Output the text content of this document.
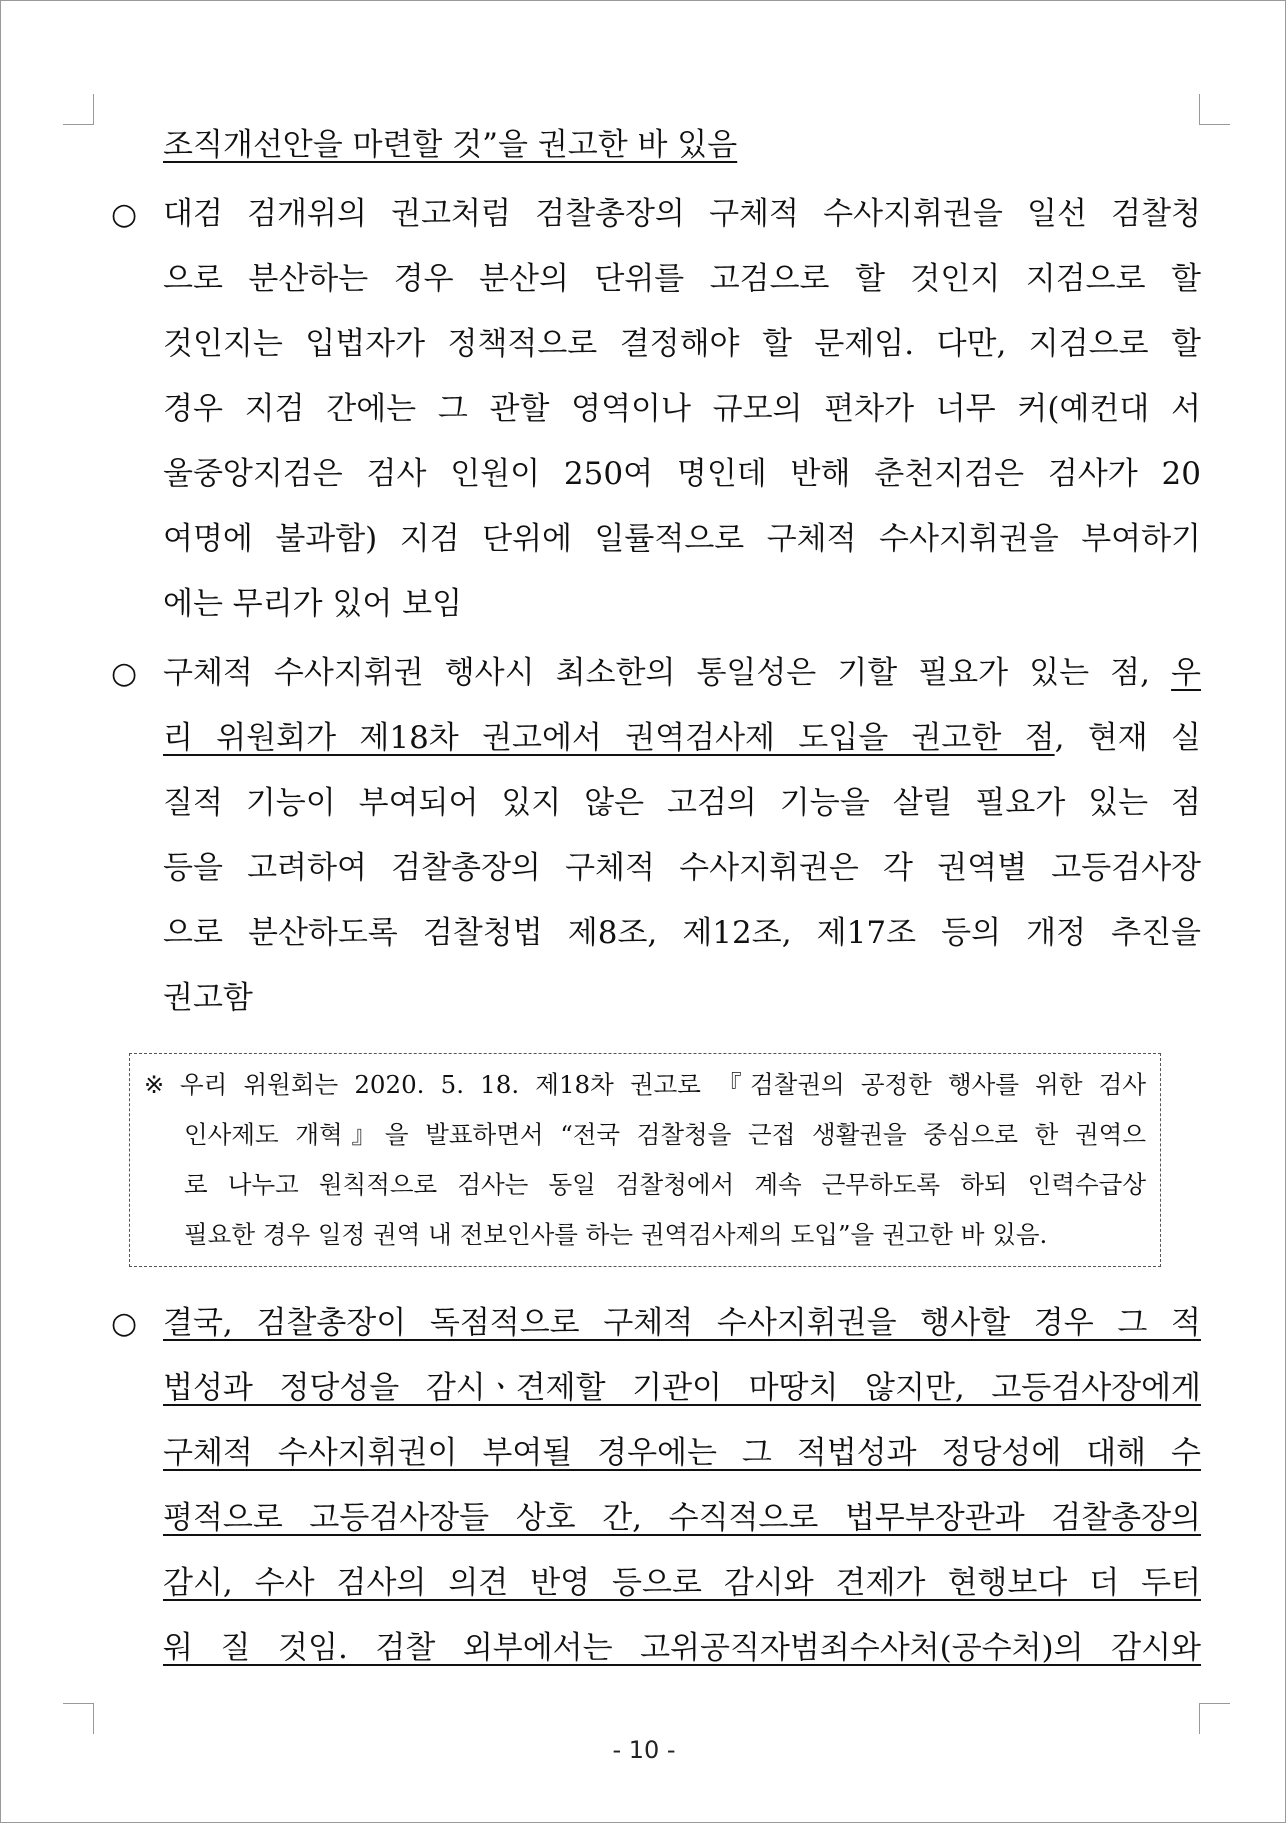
조직개선안을 마련할 것”을 권고한 바 있음
○ 대검 검개위의 권고처럼 검찰총장의 구체적 수사지휘권을 일선 검찰청
으로 분산하는 경우 분산의 단위를 고검으로 할 것인지 지검으로 할
것인지는 입법자가 정책적으로 결정해야 할 문제임. 다만, 지검으로 할
경우 지검 간에는 그 관할 영역이나 규모의 편차가 너무 커(예컨대 서
울중앙지검은 검사 인원이 250여 명인데 반해 춘천지검은 검사가 20
여명에 불과함) 지검 단위에 일률적으로 구체적 수사지휘권을 부여하기
에는 무리가 있어 보임
○ 구체적 수사지휘권 행사시 최소한의 통일성은 기할 필요가 있는 점, 우
리 위원회가 제18차 권고에서 권역검사제 도입을 권고한 점, 현재 실
질적 기능이 부여되어 있지 않은 고검의 기능을 살릴 필요가 있는 점
등을 고려하여 검찰총장의 구체적 수사지휘권은 각 권역별 고등검사장
으로 분산하도록 검찰청법 제8조, 제12조, 제17조 등의 개정 추진을
권고함
※ 우리 위원회는 2020. 5. 18. 제18차 권고로 『검찰권의 공정한 행사를 위한 검사
인사제도 개혁』을 발표하면서 “전국 검찰청을 근접 생활권을 중심으로 한 권역으
로 나누고 원칙적으로 검사는 동일 검찰청에서 계속 근무하도록 하되 인력수급상
필요한 경우 일정 권역 내 전보인사를 하는 권역검사제의 도입”을 권고한 바 있음.
○ 결국, 검찰총장이 독점적으로 구체적 수사지휘권을 행사할 경우 그 적
법성과 정당성을 감시ㆍ견제할 기관이 마땅치 않지만, 고등검사장에게
구체적 수사지휘권이 부여될 경우에는 그 적법성과 정당성에 대해 수
평적으로 고등검사장들 상호 간, 수직적으로 법무부장관과 검찰총장의
감시, 수사 검사의 의견 반영 등으로 감시와 견제가 현행보다 더 두터
워 질 것임. 검찰 외부에서는 고위공직자범죄수사처(공수처)의 감시와
- 10 -
